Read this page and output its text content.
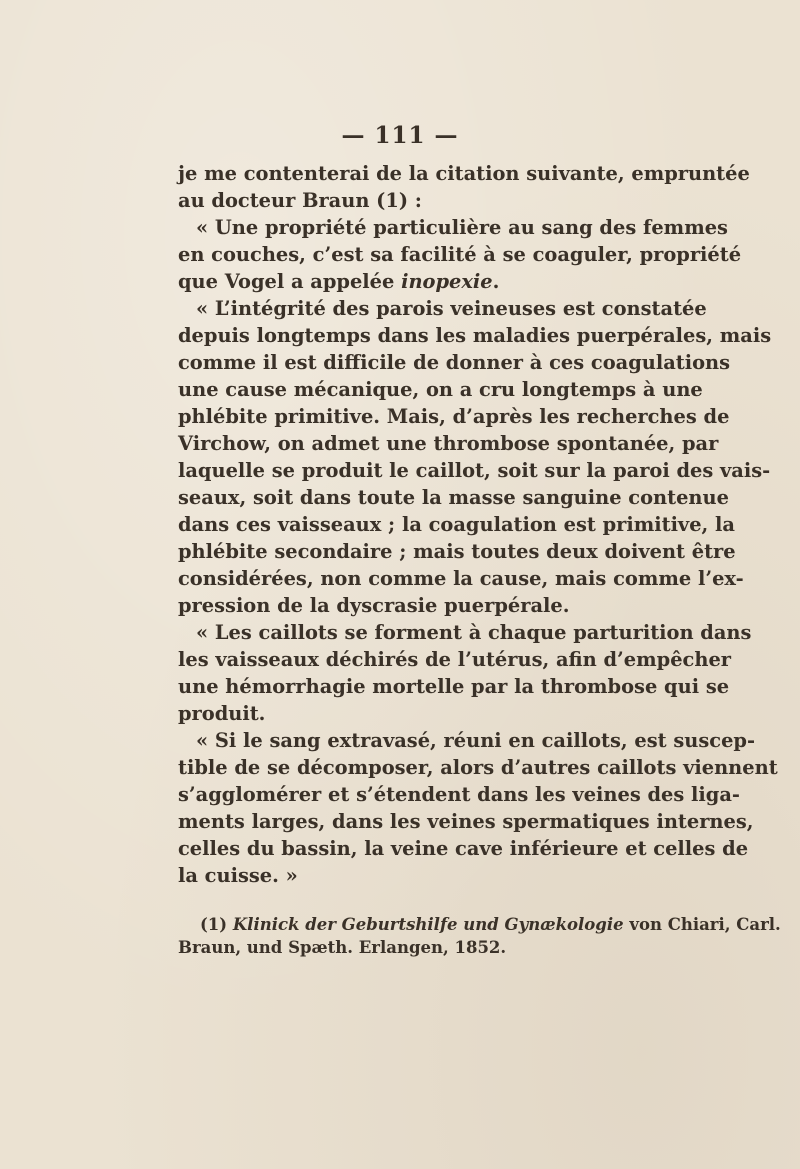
— 111 —
je me contenterai de la citation suivante, empruntée
au docteur Braun (1) :
« Une propriété particulière au sang des femmes
en couches, c’est sa facilité à se coaguler, propriété
que Vogel a appelée inopexie.
« L’intégrité des parois veineuses est constatée
depuis longtemps dans les maladies puerpérales, mais
comme il est difficile de donner à ces coagulations
une cause mécanique, on a cru longtemps à une
phlébite primitive. Mais, d’après les recherches de
Virchow, on admet une thrombose spontanée, par
laquelle se produit le caillot, soit sur la paroi des vais-
seaux, soit dans toute la masse sanguine contenue
dans ces vaisseaux ; la coagulation est primitive, la
phlébite secondaire ; mais toutes deux doivent être
considérées, non comme la cause, mais comme l’ex-
pression de la dyscrasie puerpérale.
« Les caillots se forment à chaque parturition dans
les vaisseaux déchirés de l’utérus, afin d’empêcher
une hémorrhagie mortelle par la thrombose qui se
produit.
« Si le sang extravasé, réuni en caillots, est suscep-
tible de se décomposer, alors d’autres caillots viennent
s’agglomérer et s’étendent dans les veines des liga-
ments larges, dans les veines spermatiques internes,
celles du bassin, la veine cave inférieure et celles de
la cuisse. »
(1) Klinick der Geburtshilfe und Gynækologie von Chiari, Carl.
Braun, und Spæth. Erlangen, 1852.
